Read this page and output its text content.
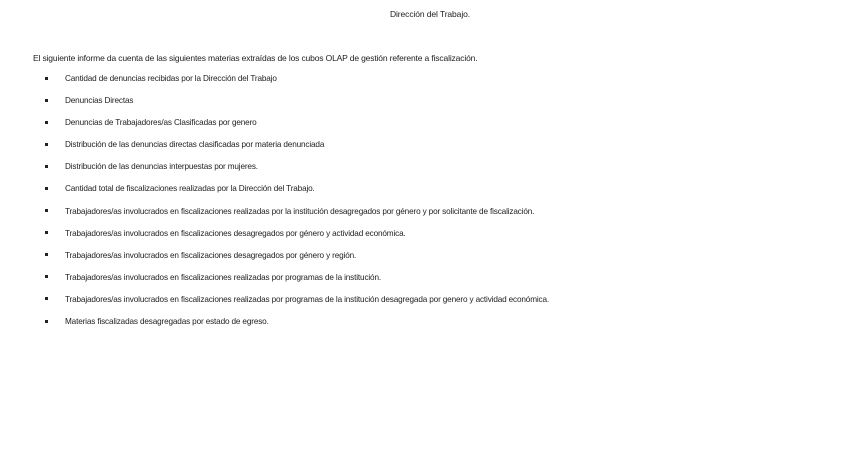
Dirección del Trabajo.
El siguiente informe da cuenta de las siguientes materias extraídas de los cubos OLAP de gestión referente a fiscalización.
Cantidad de denuncias recibidas por la Dirección del Trabajo
Denuncias Directas
Denuncias de Trabajadores/as Clasificadas por genero
Distribución de las denuncias directas clasificadas por materia denunciada
Distribución de las denuncias interpuestas por mujeres.
Cantidad total de fiscalizaciones realizadas por la Dirección del Trabajo.
Trabajadores/as involucrados en fiscalizaciones realizadas por la institución desagregados por género y por solicitante de fiscalización.
Trabajadores/as involucrados en fiscalizaciones desagregados por género y actividad económica.
Trabajadores/as involucrados en fiscalizaciones desagregados por género y región.
Trabajadores/as involucrados en fiscalizaciones realizadas por programas de la institución.
Trabajadores/as involucrados en fiscalizaciones realizadas por programas de la institución desagregada por genero y actividad económica.
Materias fiscalizadas desagregadas por estado de egreso.
